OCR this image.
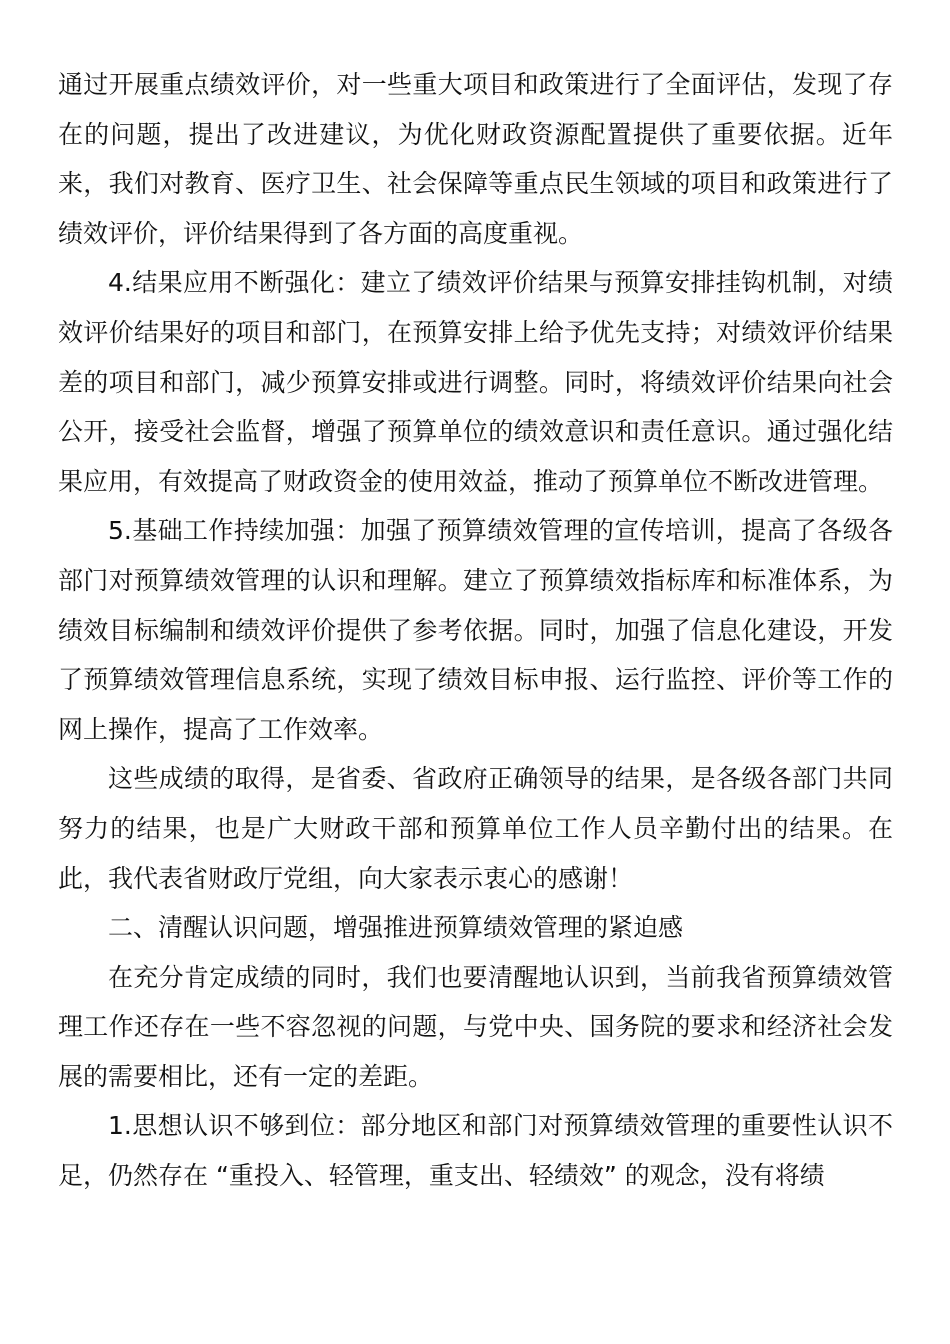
通过开展重点绩效评价，对一些重大项目和政策进行了全面评估，发现了存在的问题，提出了改进建议，为优化财政资源配置提供了重要依据。近年来，我们对教育、医疗卫生、社会保障等重点民生领域的项目和政策进行了绩效评价，评价结果得到了各方面的高度重视。

4.结果应用不断强化：建立了绩效评价结果与预算安排挂钩机制，对绩效评价结果好的项目和部门，在预算安排上给予优先支持；对绩效评价结果差的项目和部门，减少预算安排或进行调整。同时，将绩效评价结果向社会公开，接受社会监督，增强了预算单位的绩效意识和责任意识。通过强化结果应用，有效提高了财政资金的使用效益，推动了预算单位不断改进管理。

5.基础工作持续加强：加强了预算绩效管理的宣传培训，提高了各级各部门对预算绩效管理的认识和理解。建立了预算绩效指标库和标准体系，为绩效目标编制和绩效评价提供了参考依据。同时，加强了信息化建设，开发了预算绩效管理信息系统，实现了绩效目标申报、运行监控、评价等工作的网上操作，提高了工作效率。

这些成绩的取得，是省委、省政府正确领导的结果，是各级各部门共同努力的结果，也是广大财政干部和预算单位工作人员辛勤付出的结果。在此，我代表省财政厅党组，向大家表示衷心的感谢！

二、清醒认识问题，增强推进预算绩效管理的紧迫感

在充分肯定成绩的同时，我们也要清醒地认识到，当前我省预算绩效管理工作还存在一些不容忽视的问题，与党中央、国务院的要求和经济社会发展的需要相比，还有一定的差距。

1.思想认识不够到位：部分地区和部门对预算绩效管理的重要性认识不足，仍然存在 “重投入、轻管理，重支出、轻绩效” 的观念，没有将绩
